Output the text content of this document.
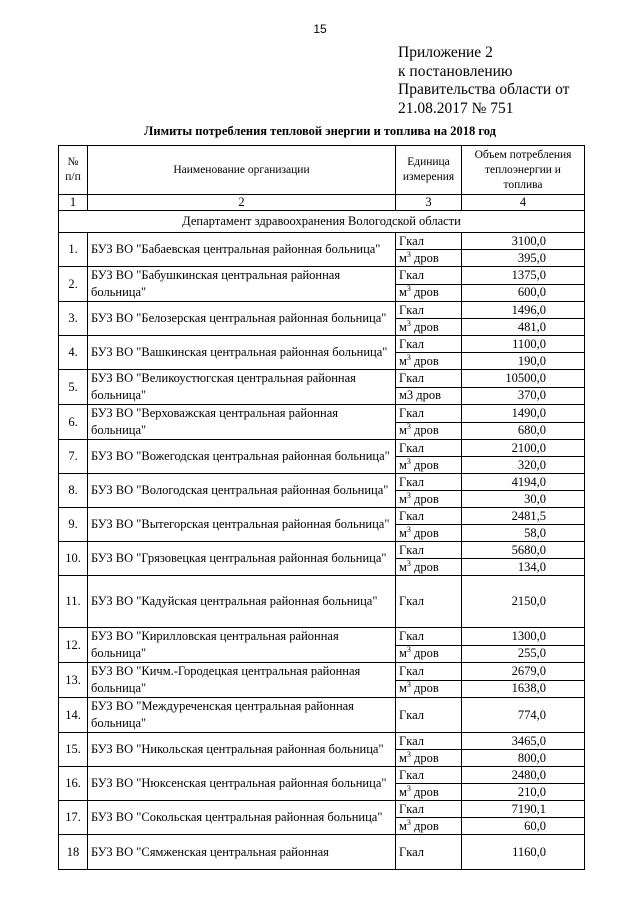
15
Приложение 2
к постановлению
Правительства области от
21.08.2017 № 751
Лимиты потребления тепловой энергии и топлива на 2018 год
№ п/п	Наименование организации	Единица измерения	Объем потребления теплоэнергии и топлива
1	2	3	4
Департамент здравоохранения Вологодской области			
1.	БУЗ ВО "Бабаевская центральная районная больница"	Гкал	3100,0
		$м^3$ дров	395,0
2.	БУЗ ВО "Бабушкинская центральная районная больница"	Гкал	1375,0
		$м^3$ дров	600,0
3.	БУЗ ВО "Белозерская центральная районная больница"	Гкал	1496,0
		$м^3$ дров	481,0
4.	БУЗ ВО "Вашкинская центральная районная больница"	Гкал	1100,0
		$м^3$ дров	190,0
5.	БУЗ ВО "Великоустюгская центральная районная больница"	Гкал	10500,0
		м3 дров	370,0
6.	БУЗ ВО "Верховажская центральная районная больница"	Гкал	1490,0
		$м^3$ дров	680,0
7.	БУЗ ВО "Вожегодская центральная районная больница"	Гкал	2100,0
		$м^3$ дров	320,0
8.	БУЗ ВО "Вологодская центральная районная больница"	Гкал	4194,0
		$м^3$ дров	30,0
9.	БУЗ ВО "Вытегорская центральная районная больница"	Гкал	2481,5
		$м^3$ дров	58,0
10.	БУЗ ВО "Грязовецкая центральная районная больница"	Гкал	5680,0
		$м^3$ дров	134,0
11.	БУЗ ВО "Кадуйская центральная районная больница"	Гкал	2150,0
12.	БУЗ ВО "Кирилловская центральная районная больница"	Гкал	1300,0
		$м^3$ дров	255,0
13.	БУЗ ВО "Кичм.-Городецкая центральная районная больница"	Гкал	2679,0
		$м^3$ дров	1638,0
14.	БУЗ ВО "Междуреченская центральная районная больница"	Гкал	774,0
15.	БУЗ ВО "Никольская центральная районная больница"	Гкал	3465,0
		$м^3$ дров	800,0
16.	БУЗ ВО "Нюксенская центральная районная больница"	Гкал	2480,0
		$м^3$ дров	210,0
17.	БУЗ ВО "Сокольская центральная районная больница"	Гкал	7190,1
		$м^3$ дров	60,0
18	БУЗ ВО "Сямженская центральная районная	Гкал	1160,0
